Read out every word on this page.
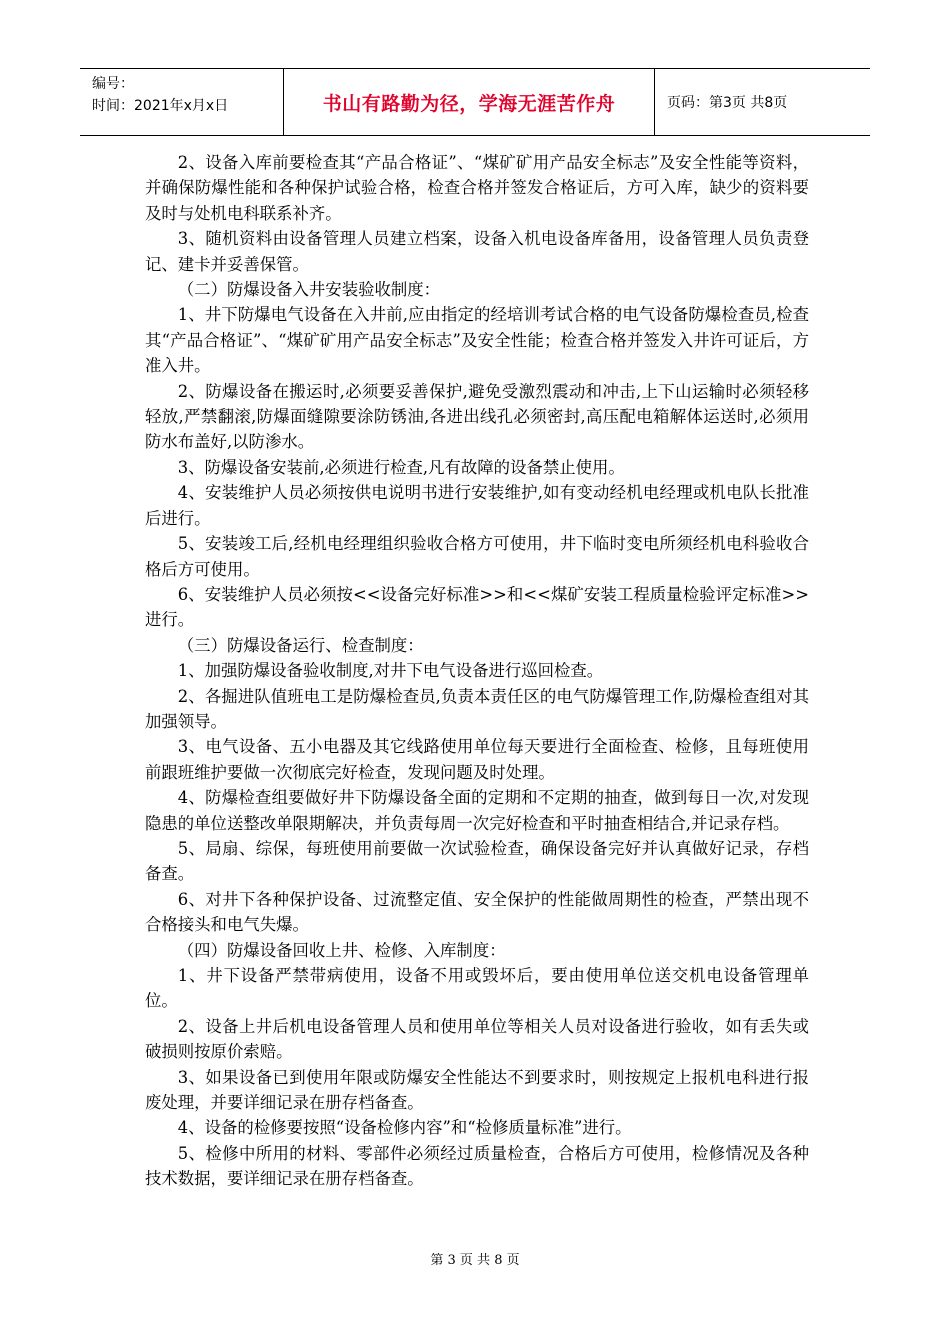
编号：
时间：2021年x月x日	书山有路勤为径，学海无涯苦作舟	页码：第3页 共8页

2、设备入库前要检查其“产品合格证”、“煤矿矿用产品安全标志”及安全性能等资料，并确保防爆性能和各种保护试验合格，检查合格并签发合格证后，方可入库，缺少的资料要及时与处机电科联系补齐。

3、随机资料由设备管理人员建立档案，设备入机电设备库备用，设备管理人员负责登记、建卡并妥善保管。

（二）防爆设备入井安装验收制度：

1、井下防爆电气设备在入井前,应由指定的经培训考试合格的电气设备防爆检查员,检查其“产品合格证”、“煤矿矿用产品安全标志”及安全性能；检查合格并签发入井许可证后，方准入井。

2、防爆设备在搬运时,必须要妥善保护,避免受激烈震动和冲击,上下山运输时必须轻移轻放,严禁翻滚,防爆面缝隙要涂防锈油,各进出线孔必须密封,高压配电箱解体运送时,必须用防水布盖好,以防渗水。

3、防爆设备安装前,必须进行检查,凡有故障的设备禁止使用。

4、安装维护人员必须按供电说明书进行安装维护,如有变动经机电经理或机电队长批准后进行。

5、安装竣工后,经机电经理组织验收合格方可使用，井下临时变电所须经机电科验收合格后方可使用。

6、安装维护人员必须按<<设备完好标准>>和<<煤矿安装工程质量检验评定标准>>进行。

（三）防爆设备运行、检查制度：

1、加强防爆设备验收制度,对井下电气设备进行巡回检查。

2、各掘进队值班电工是防爆检查员,负责本责任区的电气防爆管理工作,防爆检查组对其加强领导。

3、电气设备、五小电器及其它线路使用单位每天要进行全面检查、检修，且每班使用前跟班维护要做一次彻底完好检查，发现问题及时处理。

4、防爆检查组要做好井下防爆设备全面的定期和不定期的抽查，做到每日一次,对发现隐患的单位送整改单限期解决，并负责每周一次完好检查和平时抽查相结合,并记录存档。

5、局扇、综保，每班使用前要做一次试验检查，确保设备完好并认真做好记录，存档备查。

6、对井下各种保护设备、过流整定值、安全保护的性能做周期性的检查，严禁出现不合格接头和电气失爆。

（四）防爆设备回收上井、检修、入库制度：

1、井下设备严禁带病使用，设备不用或毁坏后，要由使用单位送交机电设备管理单位。

2、设备上井后机电设备管理人员和使用单位等相关人员对设备进行验收，如有丢失或破损则按原价索赔。

3、如果设备已到使用年限或防爆安全性能达不到要求时，则按规定上报机电科进行报废处理，并要详细记录在册存档备查。

4、设备的检修要按照“设备检修内容”和“检修质量标准”进行。

5、检修中所用的材料、零部件必须经过质量检查，合格后方可使用，检修情况及各种技术数据，要详细记录在册存档备查。

第 3 页 共 8 页
